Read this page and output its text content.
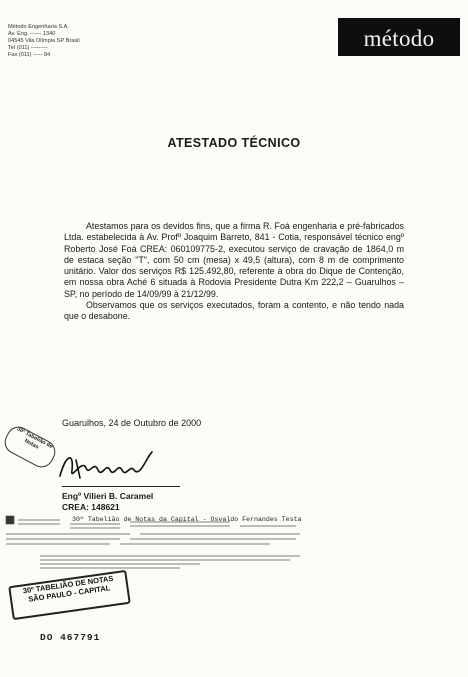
Método Engenharia S.A.
Av. Eng. ------ 1340
04545 Vila Olímpia SP Brasil
Tel (011) ---------
Fax (011) ----- 84
método
ATESTADO TÉCNICO

Atestamos para os devidos fins, que a firma R. Foá engenharia e pré-fabricados Ltda. estabelecida à Av. Profº Joaquim Barreto, 841 - Cotia, responsável técnico engº Roberto José Foá CREA: 060109775-2, executou serviço de cravação de 1864,0 m de estaca seção "T", com 50 cm (mesa) x 49,5 (altura), com 8 m de comprimento unitário. Valor dos serviços R$ 125.492,80, referente à obra do Dique de Contenção, em nossa obra Aché 6 situada à Rodovia Presidente Dutra Km 222,2 – Guarulhos – SP, no período de 14/09/99 à 21/12/99.

Observamos que os serviços executados, foram a contento, e não tendo nada que o desabone.

Guarulhos, 24 de Outubro de 2000
30º Tabelião de Notas
Engº Vilieri B. Caramel
CREA: 148621
30º Tabelião de Notas da Capital - Osvaldo Fernandes Testa
30º TABELIÃO DE NOTAS
SÃO PAULO - CAPITAL
DO 467791
